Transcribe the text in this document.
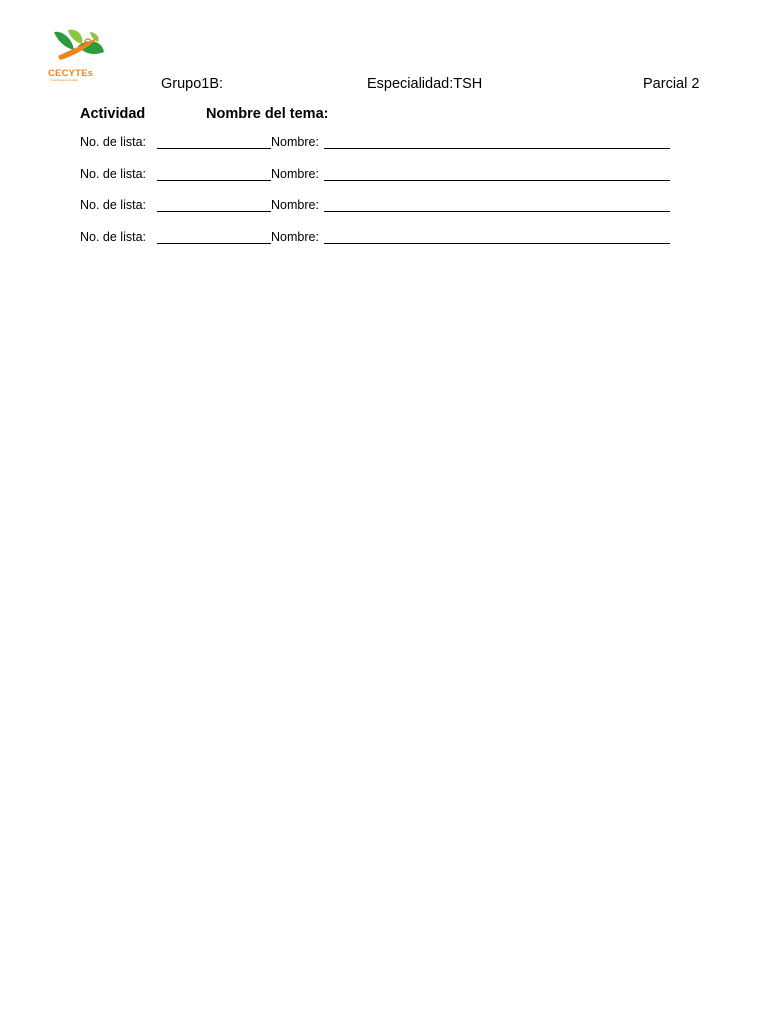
CECYTEs
Coordinación Estatal	Grupo1B:	Especialidad:TSH	Parcial 2
Actividad	Nombre del tema:
No. de lista:	Nombre:
No. de lista:	Nombre:
No. de lista:	Nombre:
No. de lista:	Nombre:
